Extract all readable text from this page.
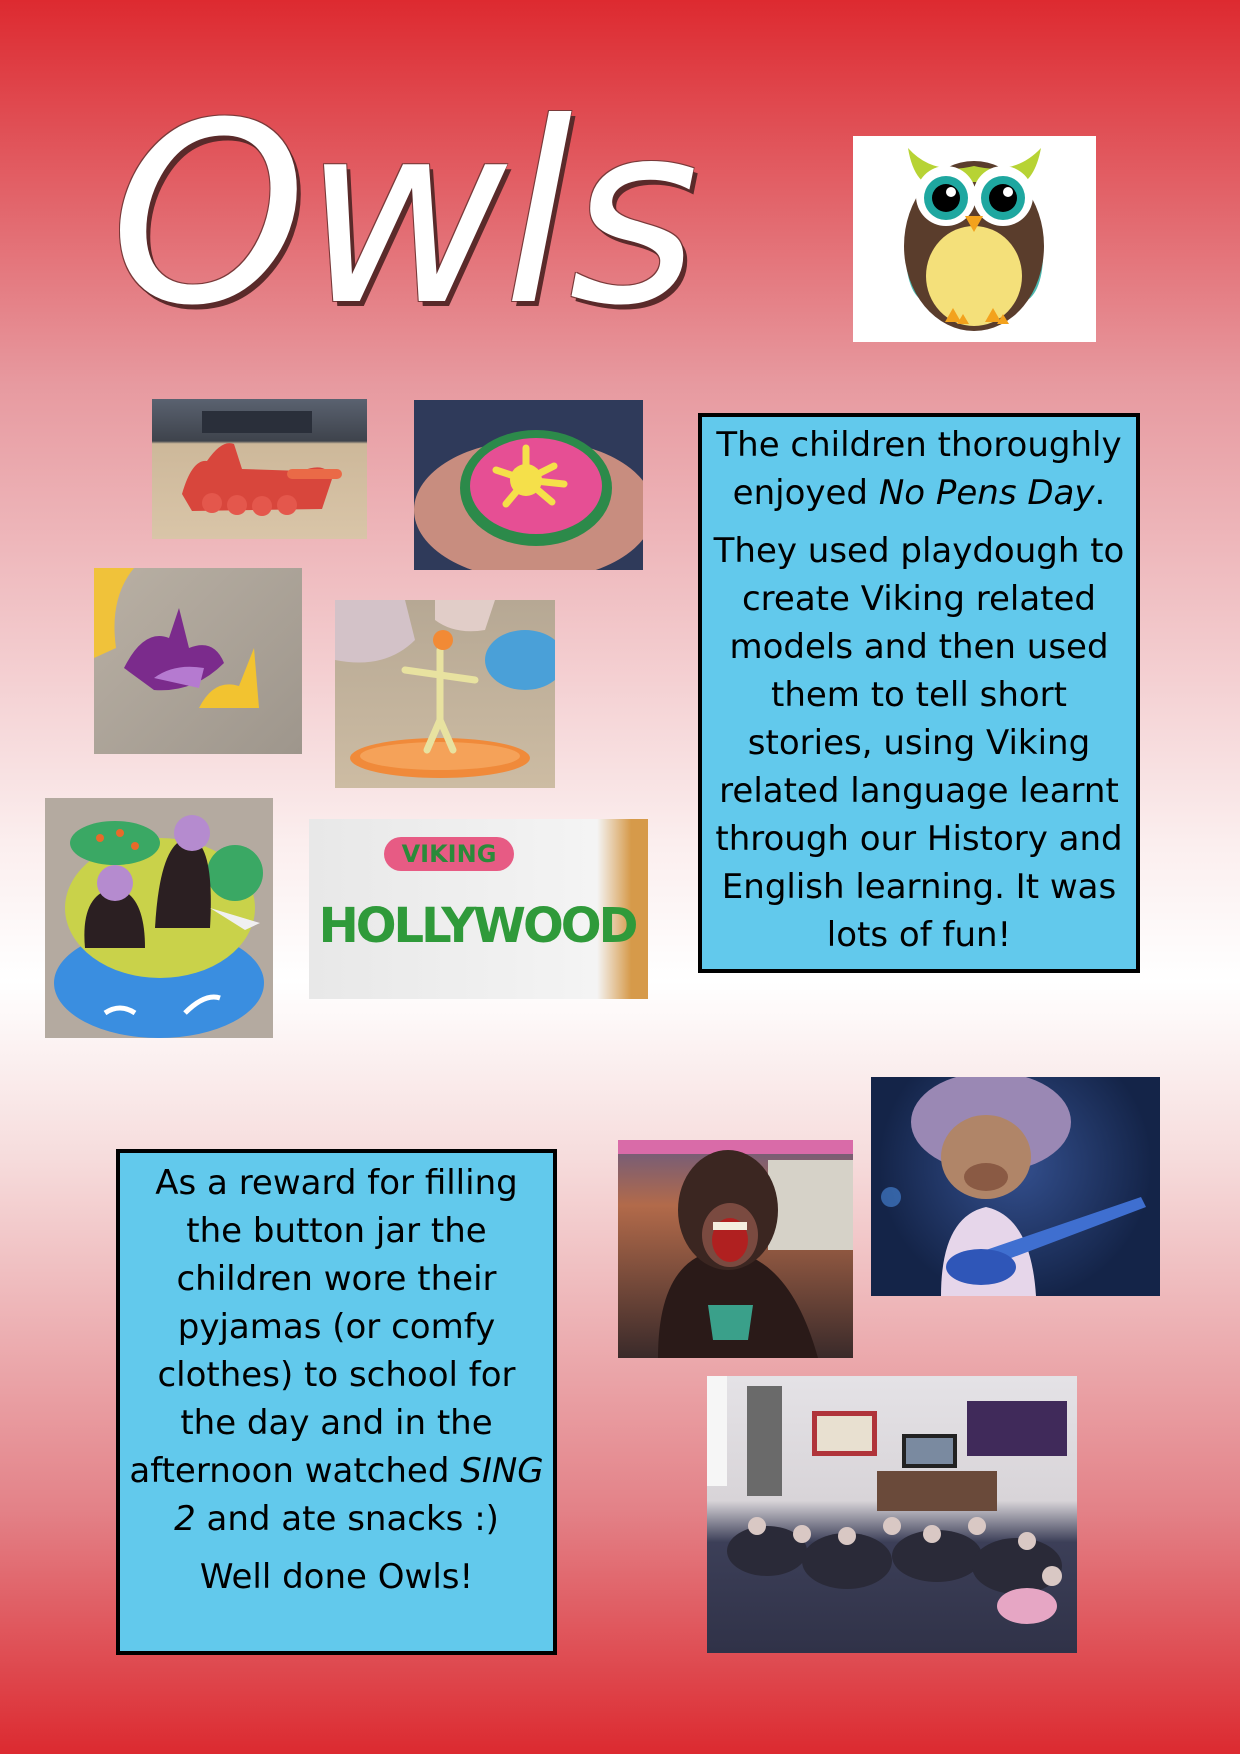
Owls
VIKING
HOLLYWOOD

The children thoroughly enjoyed No Pens Day.

They used playdough to create Viking related models and then used them to tell short stories, using Viking related language learnt through our History and English learning. It was lots of fun!

As a reward for filling the button jar the children wore their pyjamas (or comfy clothes) to school for the day and in the afternoon watched SING 2 and ate snacks :)

Well done Owls!
